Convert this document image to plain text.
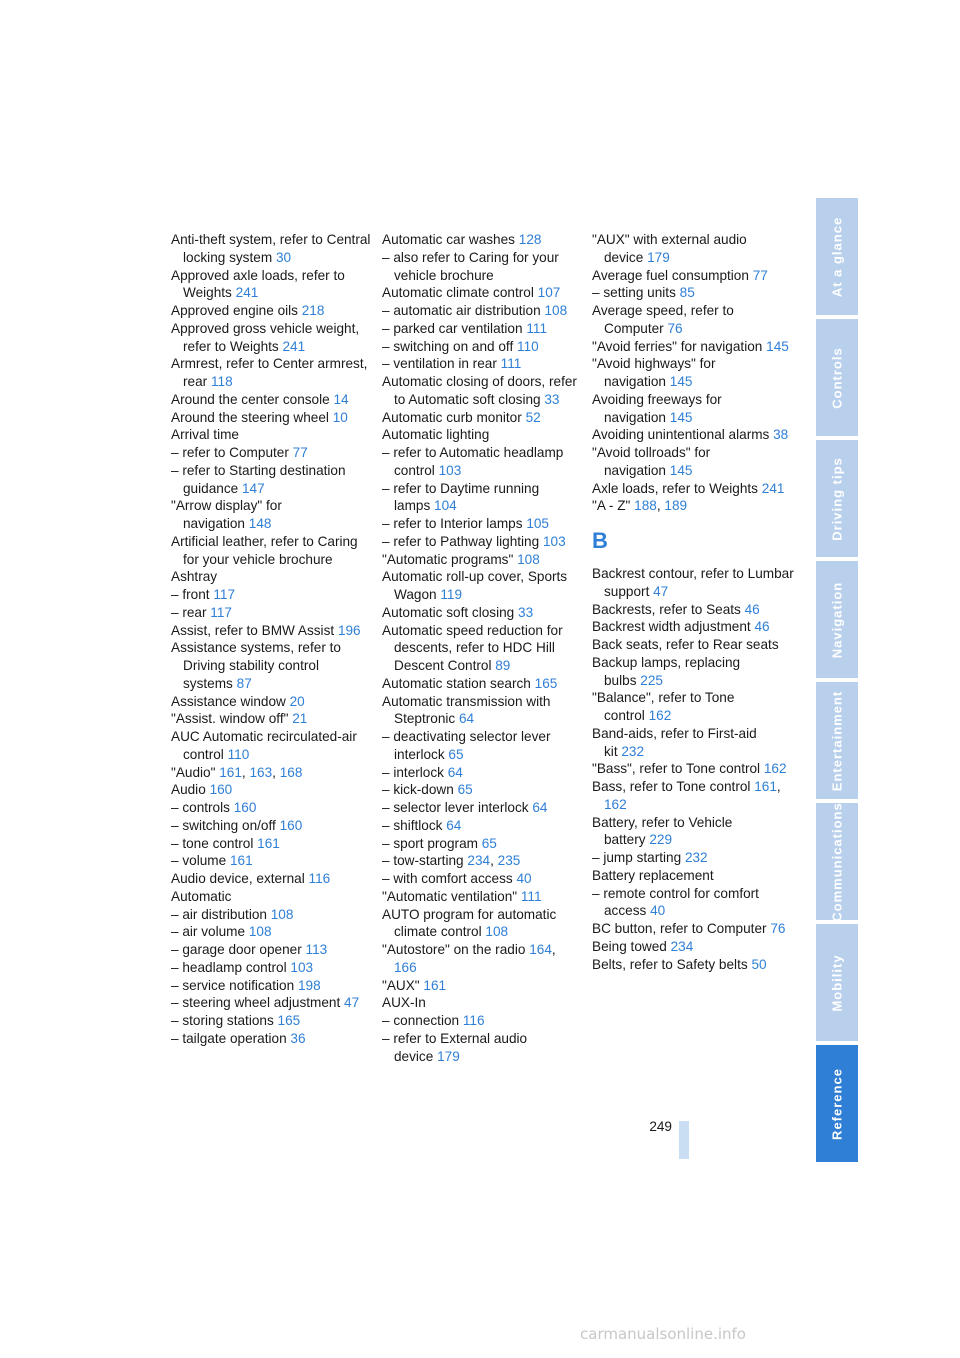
Anti-theft system, refer to Central locking system 30
Approved axle loads, refer to Weights 241
Approved engine oils 218
Approved gross vehicle weight, refer to Weights 241
Armrest, refer to Center armrest, rear 118
Around the center console 14
Around the steering wheel 10
Arrival time
– refer to Computer 77
– refer to Starting destination guidance 147
"Arrow display" for navigation 148
Artificial leather, refer to Caring for your vehicle brochure
Ashtray
– front 117
– rear 117
Assist, refer to BMW Assist 196
Assistance systems, refer to Driving stability control systems 87
Assistance window 20
"Assist. window off" 21
AUC Automatic recirculated-air control 110
"Audio" 161, 163, 168
Audio 160
– controls 160
– switching on/off 160
– tone control 161
– volume 161
Audio device, external 116
Automatic
– air distribution 108
– air volume 108
– garage door opener 113
– headlamp control 103
– service notification 198
– steering wheel adjustment 47
– storing stations 165
– tailgate operation 36
Automatic car washes 128
– also refer to Caring for your vehicle brochure
Automatic climate control 107
– automatic air distribution 108
– parked car ventilation 111
– switching on and off 110
– ventilation in rear 111
Automatic closing of doors, refer to Automatic soft closing 33
Automatic curb monitor 52
Automatic lighting
– refer to Automatic headlamp control 103
– refer to Daytime running lamps 104
– refer to Interior lamps 105
– refer to Pathway lighting 103
"Automatic programs" 108
Automatic roll-up cover, Sports Wagon 119
Automatic soft closing 33
Automatic speed reduction for descents, refer to HDC Hill Descent Control 89
Automatic station search 165
Automatic transmission with Steptronic 64
– deactivating selector lever interlock 65
– interlock 64
– kick-down 65
– selector lever interlock 64
– shiftlock 64
– sport program 65
– tow-starting 234, 235
– with comfort access 40
"Automatic ventilation" 111
AUTO program for automatic climate control 108
"Autostore" on the radio 164, 166
"AUX" 161
AUX-In
– connection 116
– refer to External audio device 179
"AUX" with external audio device 179
Average fuel consumption 77
– setting units 85
Average speed, refer to Computer 76
"Avoid ferries" for navigation 145
"Avoid highways" for navigation 145
Avoiding freeways for navigation 145
Avoiding unintentional alarms 38
"Avoid tollroads" for navigation 145
Axle loads, refer to Weights 241
"A - Z" 188, 189
B
Backrest contour, refer to Lumbar support 47
Backrests, refer to Seats 46
Backrest width adjustment 46
Back seats, refer to Rear seats
Backup lamps, replacing bulbs 225
"Balance", refer to Tone control 162
Band-aids, refer to First-aid kit 232
"Bass", refer to Tone control 162
Bass, refer to Tone control 161, 162
Battery, refer to Vehicle battery 229
– jump starting 232
Battery replacement
– remote control for comfort access 40
BC button, refer to Computer 76
Being towed 234
Belts, refer to Safety belts 50
249
At a glance
Controls
Driving tips
Navigation
Entertainment
Communications
Mobility
Reference
carmanualsonline.info
